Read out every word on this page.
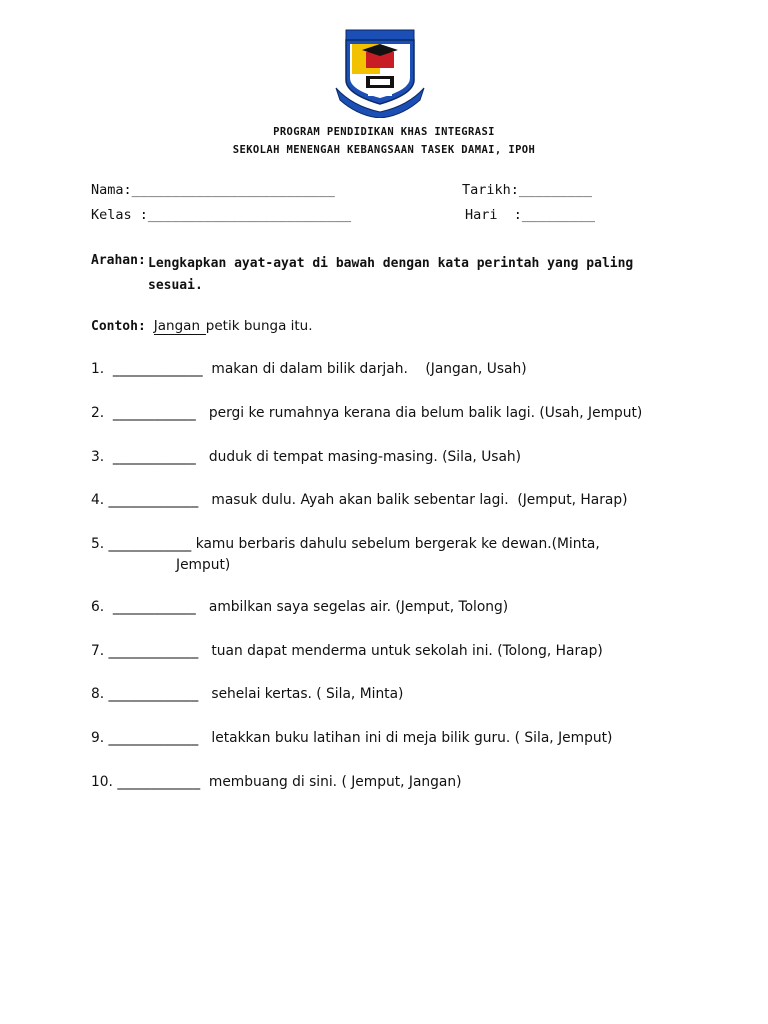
PROGRAM PENDIDIKAN KHAS INTEGRASI
SEKOLAH MENENGAH KEBANGSAAN TASEK DAMAI, IPOH
Nama:_________________________
Kelas :_________________________
Tarikh:_________
Hari  :_________
Arahan: Lengkapkan ayat-ayat di bawah dengan kata perintah yang paling sesuai.
Contoh: Jangan petik bunga itu.
1.  _____________  makan di dalam bilik darjah.    (Jangan, Usah)
2.  ____________   pergi ke rumahnya kerana dia belum balik lagi. (Usah, Jemput)
3.  ____________   duduk di tempat masing-masing. (Sila, Usah)
4. _____________   masuk dulu. Ayah akan balik sebentar lagi.  (Jemput, Harap)
5. ____________ kamu berbaris dahulu sebelum bergerak ke dewan.(Minta,
Jemput)
6.  ____________   ambilkan saya segelas air. (Jemput, Tolong)
7. _____________   tuan dapat menderma untuk sekolah ini. (Tolong, Harap)
8. _____________   sehelai kertas. ( Sila, Minta)
9. _____________   letakkan buku latihan ini di meja bilik guru. ( Sila, Jemput)
10. ____________  membuang di sini. ( Jemput, Jangan)
